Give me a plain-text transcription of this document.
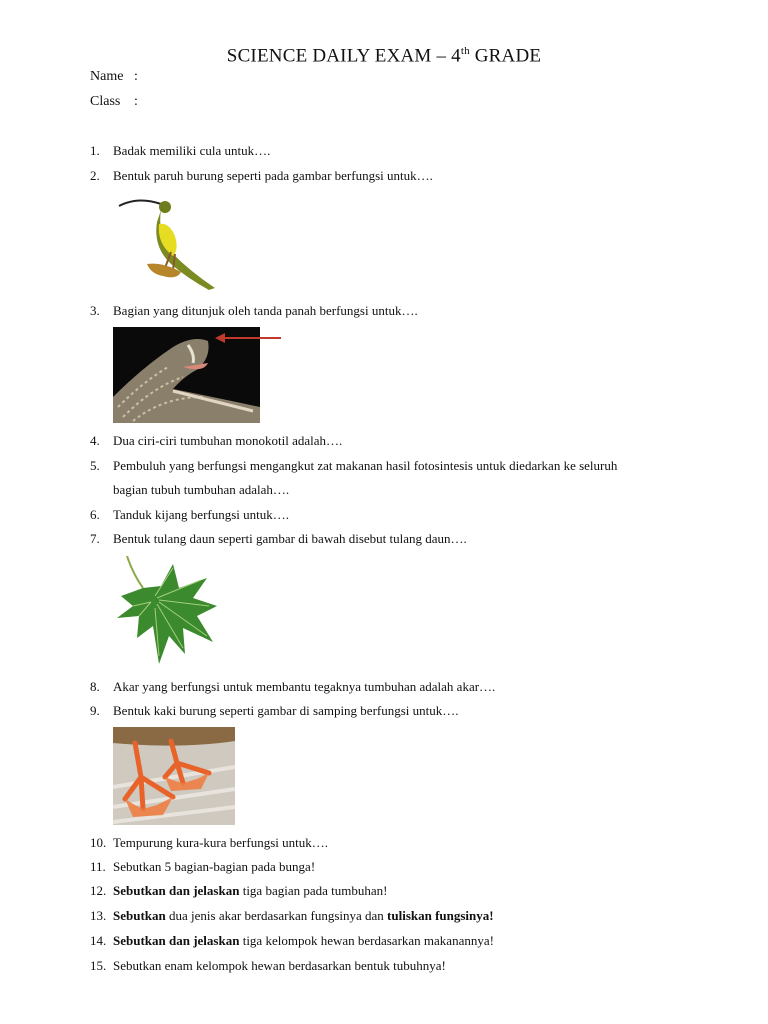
SCIENCE DAILY EXAM – 4th GRADE
Name :
Class :
1. Badak memiliki cula untuk….
2. Bentuk paruh burung seperti pada gambar berfungsi untuk….
3. Bagian yang ditunjuk oleh tanda panah berfungsi untuk….
4. Dua ciri-ciri tumbuhan monokotil adalah….
5. Pembuluh yang berfungsi mengangkut zat makanan hasil fotosintesis untuk diedarkan ke seluruh
bagian tubuh tumbuhan adalah….
6. Tanduk kijang berfungsi untuk….
7. Bentuk tulang daun seperti gambar di bawah disebut tulang daun….
8. Akar yang berfungsi untuk membantu tegaknya tumbuhan adalah akar….
9. Bentuk kaki burung seperti gambar di samping berfungsi untuk….
10. Tempurung kura-kura berfungsi untuk….
11. Sebutkan 5 bagian-bagian pada bunga!
12. Sebutkan dan jelaskan tiga bagian pada tumbuhan!
13. Sebutkan dua jenis akar berdasarkan fungsinya dan tuliskan fungsinya!
14. Sebutkan dan jelaskan tiga kelompok hewan berdasarkan makanannya!
15. Sebutkan enam kelompok hewan berdasarkan bentuk tubuhnya!
